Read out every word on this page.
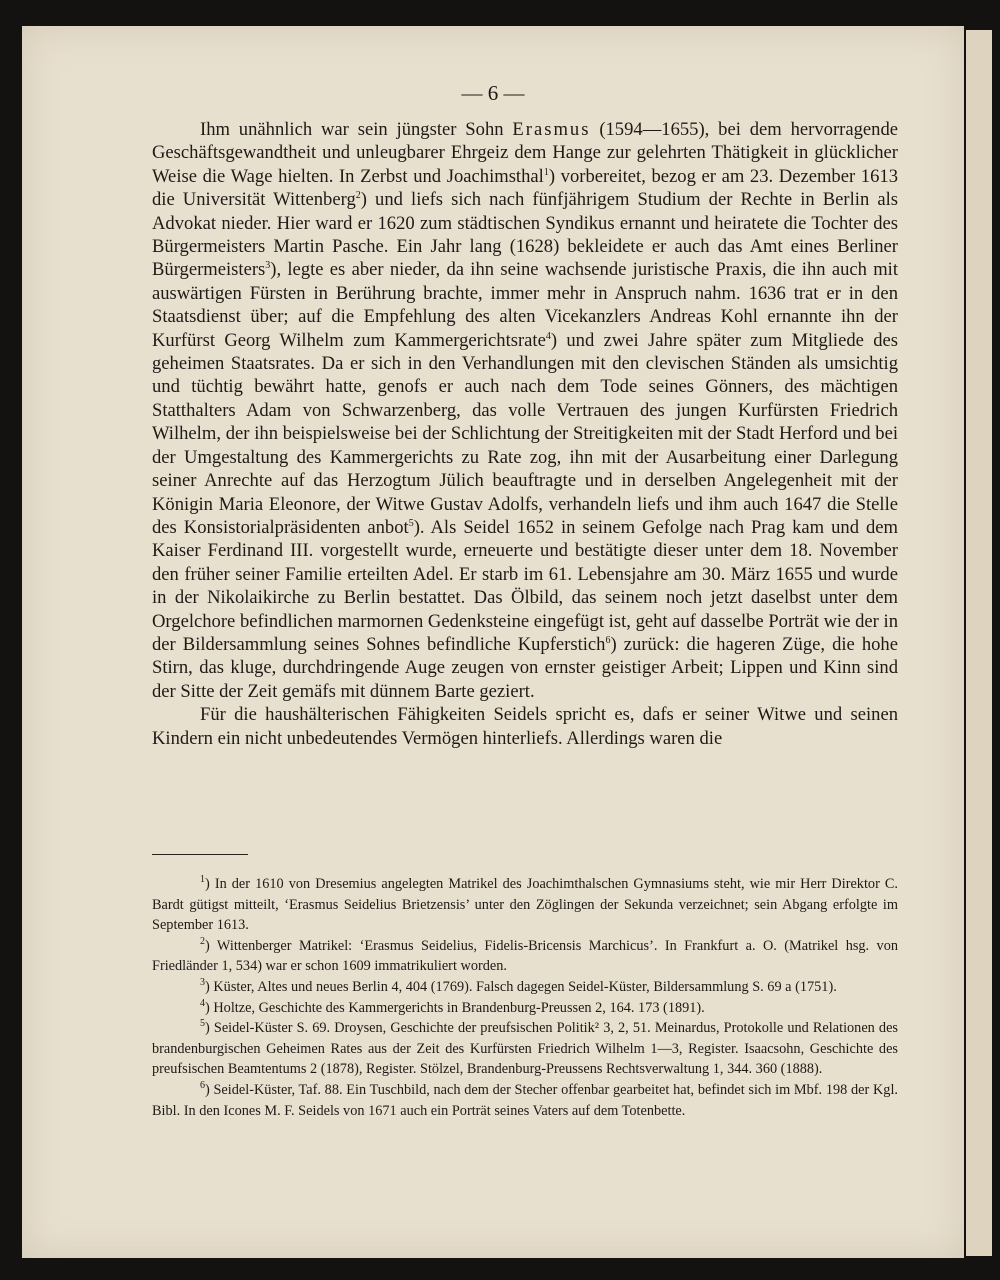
— 6 —

Ihm unähnlich war sein jüngster Sohn Erasmus (1594—1655), bei dem hervorragende Geschäftsgewandtheit und unleugbarer Ehrgeiz dem Hange zur gelehrten Thätigkeit in glücklicher Weise die Wage hielten. In Zerbst und Joachimsthal$^1$) vorbereitet, bezog er am 23. Dezember 1613 die Universität Wittenberg$^2$) und liefs sich nach fünfjährigem Studium der Rechte in Berlin als Advokat nieder. Hier ward er 1620 zum städtischen Syndikus ernannt und heiratete die Tochter des Bürgermeisters Martin Pasche. Ein Jahr lang (1628) bekleidete er auch das Amt eines Berliner Bürgermeisters$^3$), legte es aber nieder, da ihn seine wachsende juristische Praxis, die ihn auch mit auswärtigen Fürsten in Berührung brachte, immer mehr in Anspruch nahm. 1636 trat er in den Staatsdienst über; auf die Empfehlung des alten Vicekanzlers Andreas Kohl ernannte ihn der Kurfürst Georg Wilhelm zum Kammergerichtsrate$^4$) und zwei Jahre später zum Mitgliede des geheimen Staatsrates. Da er sich in den Verhandlungen mit den clevischen Ständen als umsichtig und tüchtig bewährt hatte, genofs er auch nach dem Tode seines Gönners, des mächtigen Statthalters Adam von Schwarzenberg, das volle Vertrauen des jungen Kurfürsten Friedrich Wilhelm, der ihn beispielsweise bei der Schlichtung der Streitigkeiten mit der Stadt Herford und bei der Umgestaltung des Kammergerichts zu Rate zog, ihn mit der Ausarbeitung einer Darlegung seiner Anrechte auf das Herzogtum Jülich beauftragte und in derselben Angelegenheit mit der Königin Maria Eleonore, der Witwe Gustav Adolfs, verhandeln liefs und ihm auch 1647 die Stelle des Konsistorialpräsidenten anbot$^5$). Als Seidel 1652 in seinem Gefolge nach Prag kam und dem Kaiser Ferdinand III. vorgestellt wurde, erneuerte und bestätigte dieser unter dem 18. November den früher seiner Familie erteilten Adel. Er starb im 61. Lebensjahre am 30. März 1655 und wurde in der Nikolaikirche zu Berlin bestattet. Das Ölbild, das seinem noch jetzt daselbst unter dem Orgelchore befindlichen marmornen Gedenksteine eingefügt ist, geht auf dasselbe Porträt wie der in der Bildersammlung seines Sohnes befindliche Kupferstich$^6$) zurück: die hageren Züge, die hohe Stirn, das kluge, durchdringende Auge zeugen von ernster geistiger Arbeit; Lippen und Kinn sind der Sitte der Zeit gemäfs mit dünnem Barte geziert.

Für die haushälterischen Fähigkeiten Seidels spricht es, dafs er seiner Witwe und seinen Kindern ein nicht unbedeutendes Vermögen hinterliefs. Allerdings waren die

$^1$) In der 1610 von Dresemius angelegten Matrikel des Joachimthalschen Gymnasiums steht, wie mir Herr Direktor C. Bardt gütigst mitteilt, ‘Erasmus Seidelius Brietzensis’ unter den Zöglingen der Sekunda verzeichnet; sein Abgang erfolgte im September 1613.

$^2$) Wittenberger Matrikel: ‘Erasmus Seidelius, Fidelis-Bricensis Marchicus’. In Frankfurt a. O. (Matrikel hsg. von Friedländer 1, 534) war er schon 1609 immatrikuliert worden.

$^3$) Küster, Altes und neues Berlin 4, 404 (1769). Falsch dagegen Seidel-Küster, Bildersammlung S. 69 a (1751).

$^4$) Holtze, Geschichte des Kammergerichts in Brandenburg-Preussen 2, 164. 173 (1891).

$^5$) Seidel-Küster S. 69. Droysen, Geschichte der preufsischen Politik² 3, 2, 51. Meinardus, Protokolle und Relationen des brandenburgischen Geheimen Rates aus der Zeit des Kurfürsten Friedrich Wilhelm 1—3, Register. Isaacsohn, Geschichte des preufsischen Beamtentums 2 (1878), Register. Stölzel, Brandenburg-Preussens Rechtsverwaltung 1, 344. 360 (1888).

$^6$) Seidel-Küster, Taf. 88. Ein Tuschbild, nach dem der Stecher offenbar gearbeitet hat, befindet sich im Mbf. 198 der Kgl. Bibl. In den Icones M. F. Seidels von 1671 auch ein Porträt seines Vaters auf dem Totenbette.
